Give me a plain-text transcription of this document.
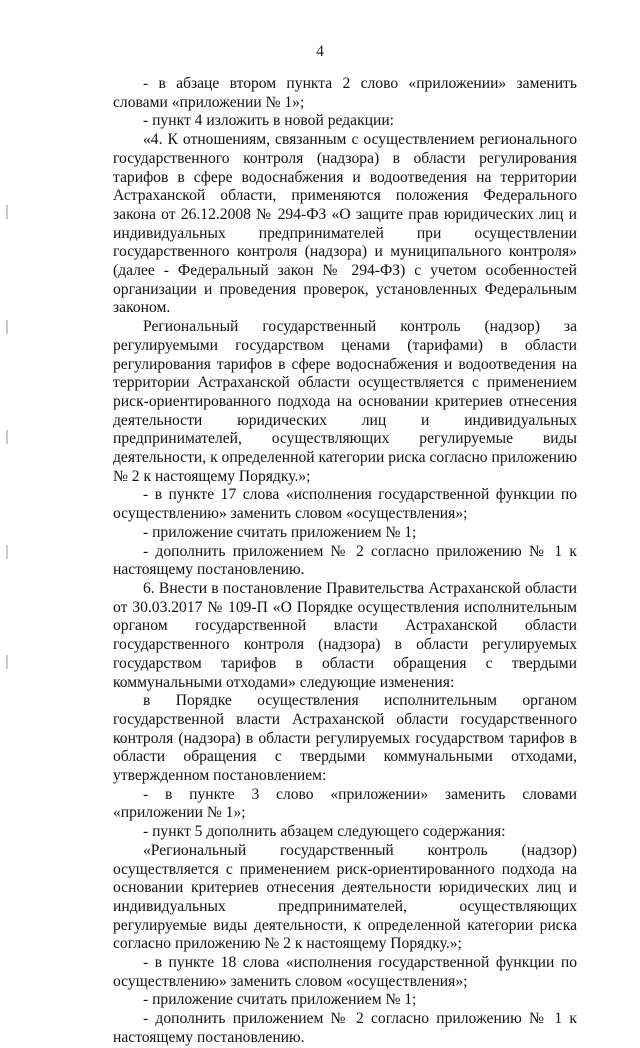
4

- в абзаце втором пункта 2 слово «приложении» заменить словами «приложении № 1»;

- пункт 4 изложить в новой редакции:

«4. К отношениям, связанным с осуществлением регионального государственного контроля (надзора) в области регулирования тарифов в сфере водоснабжения и водоотведения на территории Астраханской области, применяются положения Федерального закона от 26.12.2008 № 294-ФЗ «О защите прав юридических лиц и индивидуальных предпринимателей при осуществлении государственного контроля (надзора) и муниципального контроля» (далее - Федеральный закон № 294-ФЗ) с учетом особенностей организации и проведения проверок, установленных Федеральным законом.

Региональный государственный контроль (надзор) за регулируемыми государством ценами (тарифами) в области регулирования тарифов в сфере водоснабжения и водоотведения на территории Астраханской области осуществляется с применением риск-ориентированного подхода на основании критериев отнесения деятельности юридических лиц и индивидуальных предпринимателей, осуществляющих регулируемые виды деятельности, к определенной категории риска согласно приложению № 2 к настоящему Порядку.»;

- в пункте 17 слова «исполнения государственной функции по осуществлению» заменить словом «осуществления»;

- приложение считать приложением № 1;

- дополнить приложением № 2 согласно приложению № 1 к настоящему постановлению.

6. Внести в постановление Правительства Астраханской области от 30.03.2017 № 109-П «О Порядке осуществления исполнительным органом государственной власти Астраханской области государственного контроля (надзора) в области регулируемых государством тарифов в области обращения с твердыми коммунальными отходами» следующие изменения:

в Порядке осуществления исполнительным органом государственной власти Астраханской области государственного контроля (надзора) в области регулируемых государством тарифов в области обращения с твердыми коммунальными отходами, утвержденном постановлением:

- в пункте 3 слово «приложении» заменить словами «приложении № 1»;

- пункт 5 дополнить абзацем следующего содержания:

«Региональный государственный контроль (надзор) осуществляется с применением риск-ориентированного подхода на основании критериев отнесения деятельности юридических лиц и индивидуальных предпринимателей, осуществляющих регулируемые виды деятельности, к определенной категории риска согласно приложению № 2 к настоящему Порядку.»;

- в пункте 18 слова «исполнения государственной функции по осуществлению» заменить словом «осуществления»;

- приложение считать приложением № 1;

- дополнить приложением № 2 согласно приложению № 1 к настоящему постановлению.
